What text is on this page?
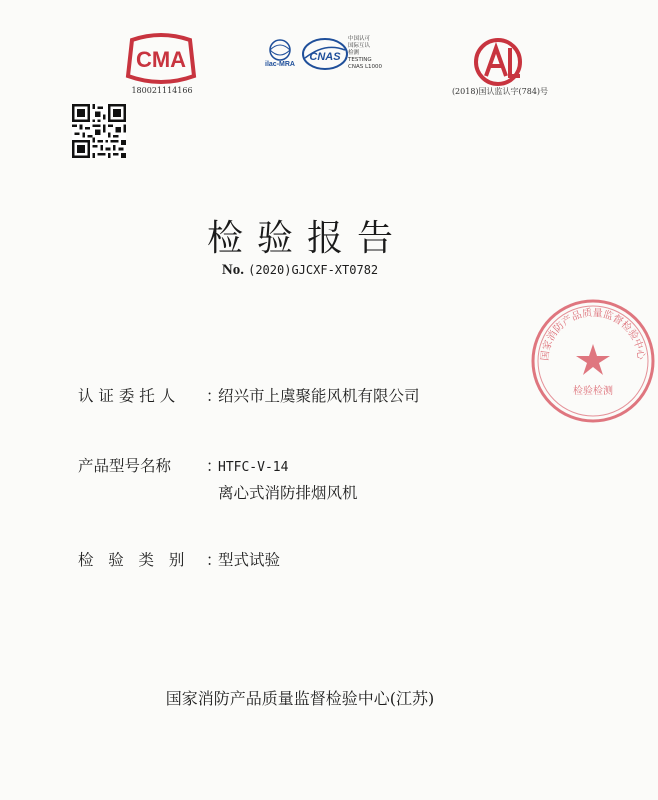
CMA
180021114166
ilac-MRA
CNAS
中国认可
国际互认
检测
TESTING
CNAS L1000
(2018)国认监认字(784)号
检验报告
No. (2020)GJCXF-XT0782
认 证 委 托 人 ：绍兴市上虞聚能风机有限公司
产品型号名称 ：HTFC-V-14
离心式消防排烟风机
检   验   类   别 ：型式试验
国家消防产品质量监督检验中心(江苏)
国家消防产品质量监督检验中心
检验检测
